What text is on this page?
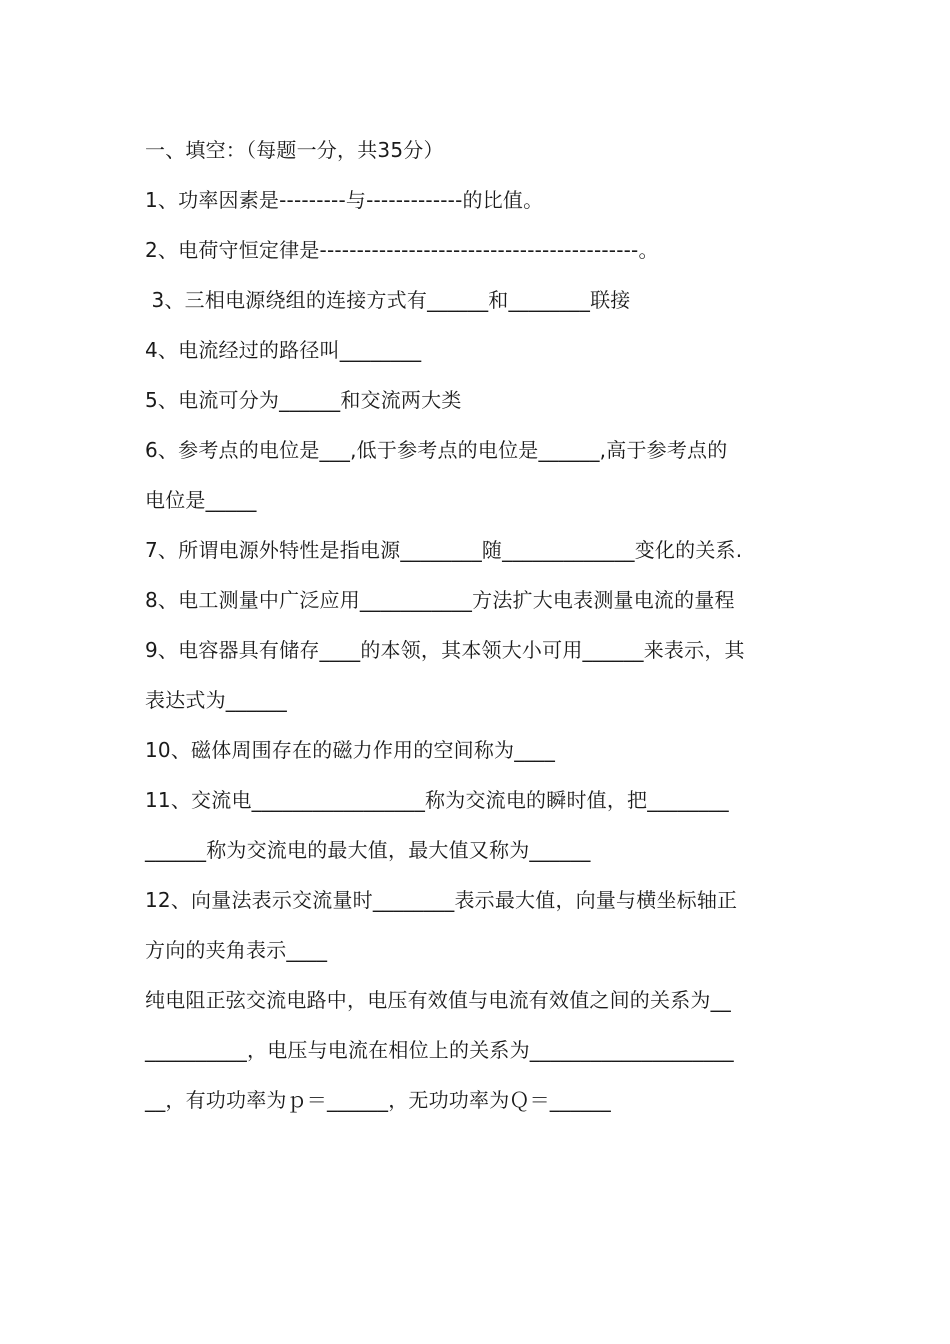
一、填空：（每题一分，共35分）
1、功率因素是---------与-------------的比值。
2、电荷守恒定律是-------------------------------------------。
3、三相电源绕组的连接方式有______和________联接
4、电流经过的路径叫________
5、电流可分为______和交流两大类
6、参考点的电位是___,低于参考点的电位是______,高于参考点的
电位是_____
7、所谓电源外特性是指电源________随_____________变化的关系.
8、电工测量中广泛应用___________方法扩大电表测量电流的量程
9、电容器具有储存____的本领，其本领大小可用______来表示，其
表达式为______
10、磁体周围存在的磁力作用的空间称为____
11、交流电_________________称为交流电的瞬时值，把________
______称为交流电的最大值，最大值又称为______
12、向量法表示交流量时________表示最大值，向量与横坐标轴正
方向的夹角表示____
纯电阻正弦交流电路中，电压有效值与电流有效值之间的关系为__
__________，电压与电流在相位上的关系为____________________
__，有功功率为ｐ＝______，无功功率为Ｑ＝______
